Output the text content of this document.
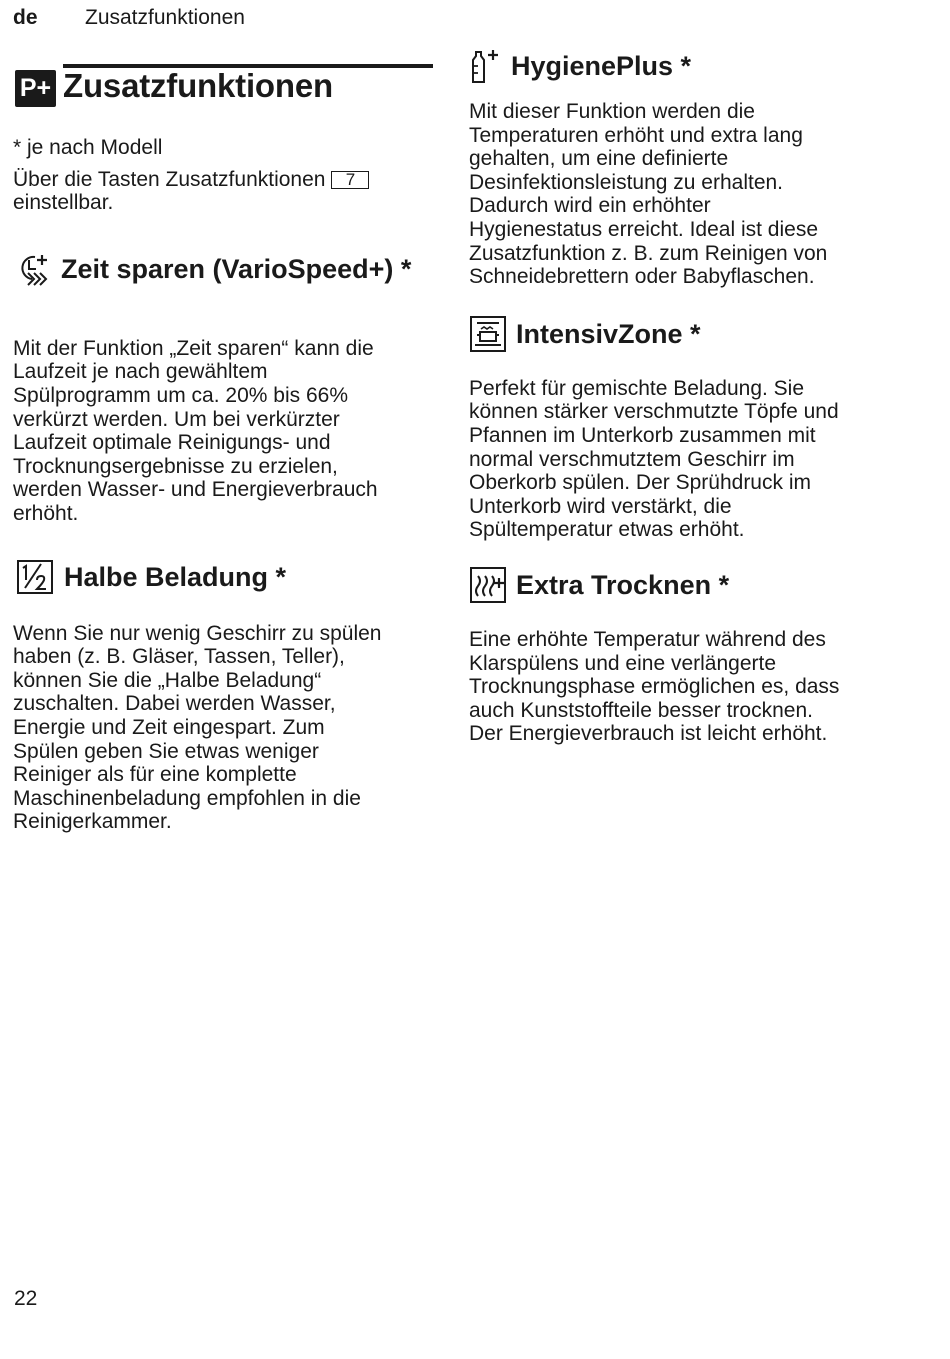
de Zusatzfunktionen
P+ Zusatzfunktionen

* je nach Modell

Über die Tasten Zusatzfunktionen 7

einstellbar.

Zeit sparen (VarioSpeed+) *

Mit der Funktion „Zeit sparen“ kann die

Laufzeit je nach gewähltem

Spülprogramm um ca. 20% bis 66%

verkürzt werden. Um bei verkürzter

Laufzeit optimale Reinigungs- und

Trocknungsergebnisse zu erzielen,

werden Wasser- und Energieverbrauch

erhöht.

Halbe Beladung *

Wenn Sie nur wenig Geschirr zu spülen

haben (z. B. Gläser, Tassen, Teller),

können Sie die „Halbe Beladung“

zuschalten. Dabei werden Wasser,

Energie und Zeit eingespart. Zum

Spülen geben Sie etwas weniger

Reiniger als für eine komplette

Maschinenbeladung empfohlen in die

Reinigerkammer.

HygienePlus *

Mit dieser Funktion werden die

Temperaturen erhöht und extra lang

gehalten, um eine definierte

Desinfektionsleistung zu erhalten.

Dadurch wird ein erhöhter

Hygienestatus erreicht. Ideal ist diese

Zusatzfunktion z. B. zum Reinigen von

Schneidebrettern oder Babyflaschen.

IntensivZone *

Perfekt für gemischte Beladung. Sie

können stärker verschmutzte Töpfe und

Pfannen im Unterkorb zusammen mit

normal verschmutztem Geschirr im

Oberkorb spülen. Der Sprühdruck im

Unterkorb wird verstärkt, die

Spültemperatur etwas erhöht.

Extra Trocknen *

Eine erhöhte Temperatur während des

Klarspülens und eine verlängerte

Trocknungsphase ermöglichen es, dass

auch Kunststoffteile besser trocknen.

Der Energieverbrauch ist leicht erhöht.

22
